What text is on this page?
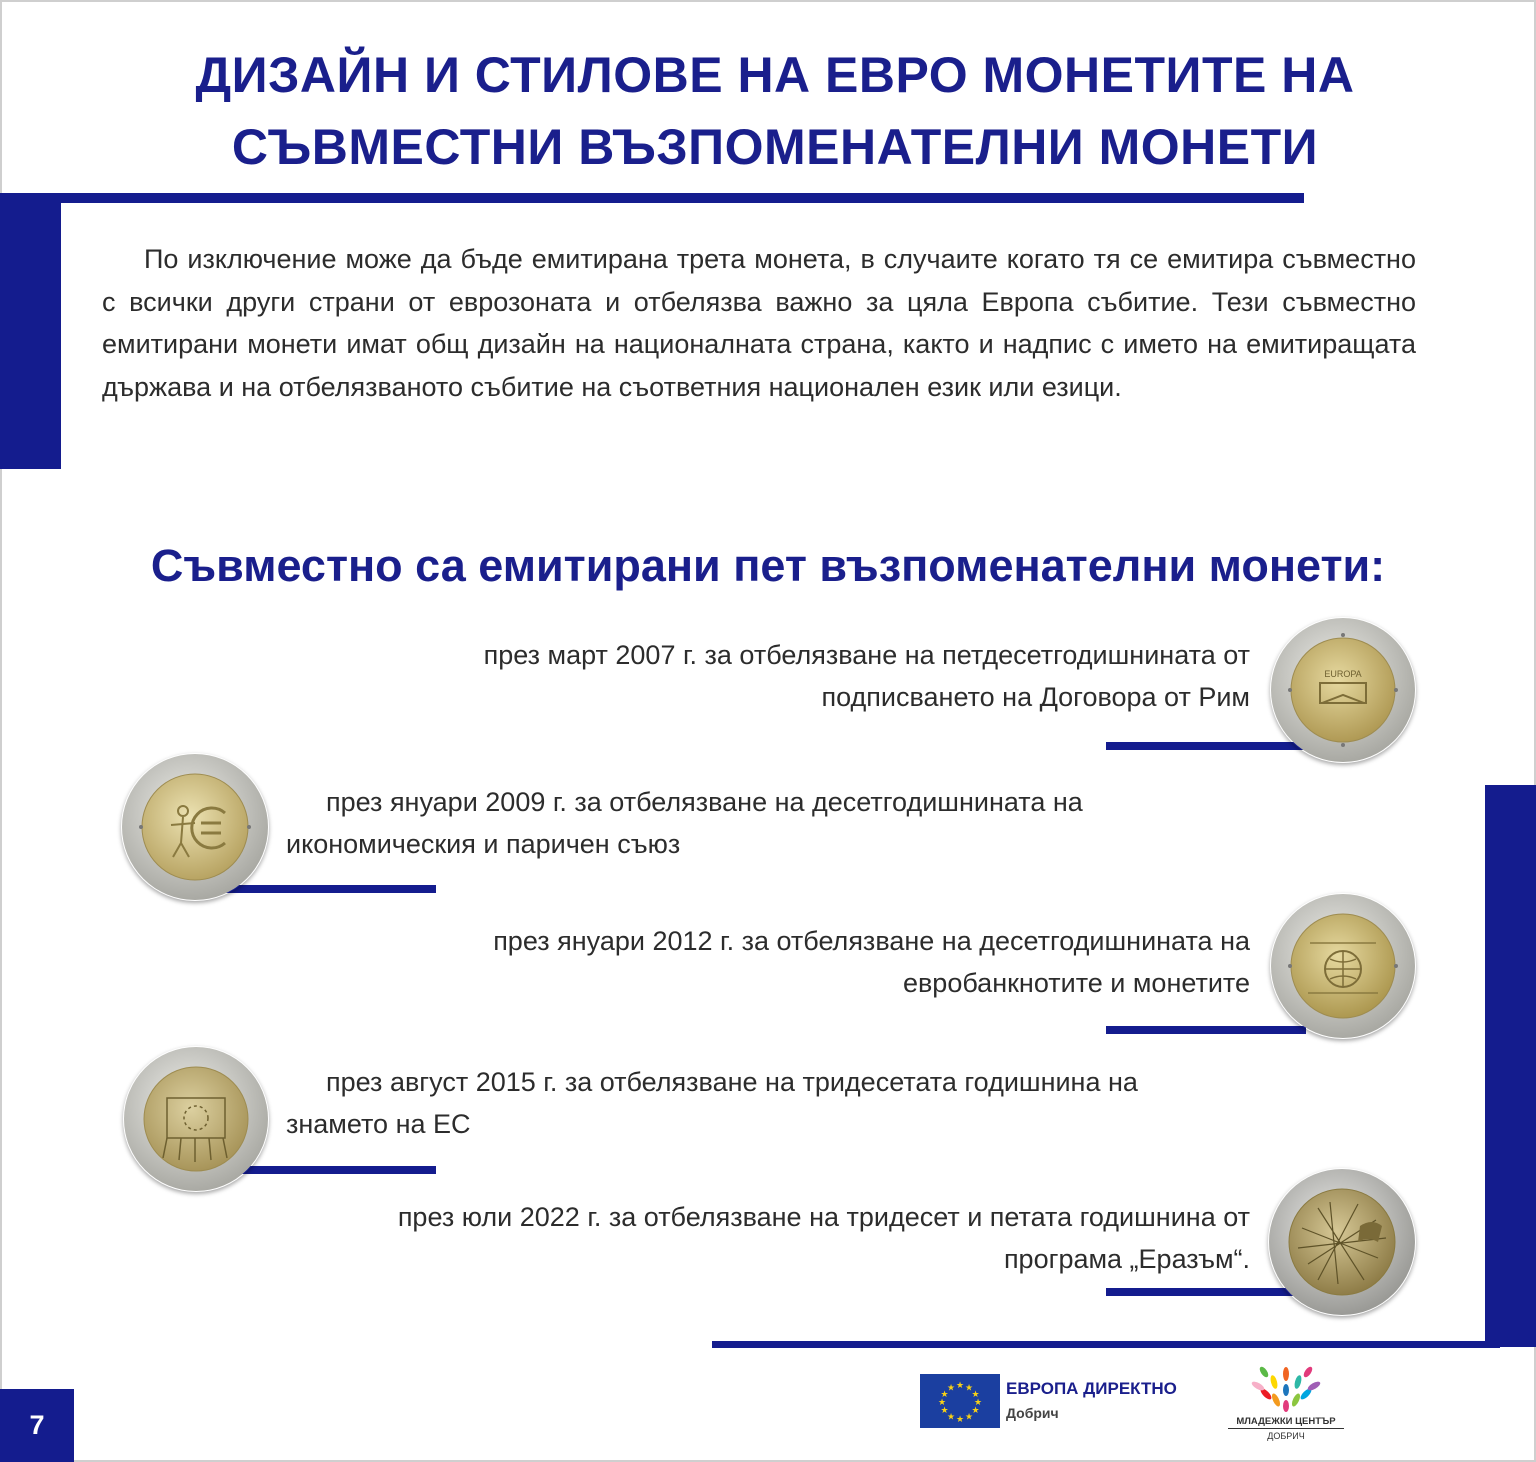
ДИЗАЙН И СТИЛОВЕ НА ЕВРО МОНЕТИТЕ НА
СЪВМЕСТНИ ВЪЗПОМЕНАТЕЛНИ МОНЕТИ

По изключение може да бъде емитирана трета монета, в случаите когато тя се емитира съвместно с всички други страни от еврозоната и отбелязва важно за цяла Европа събитие. Тези съвместно емитирани монети имат общ дизайн на националната страна, както и надпис с името на емитиращата държава и на отбелязваното събитие на съответния национален език или езици.

Съвместно са емитирани пет възпоменателни монети:
през март 2007 г. за отбелязване на петдесетгодишнината от
подписването на Договора от Рим
EUROPA
през януари 2009 г. за отбелязване на десетгодишнината на
икономическия и паричен съюз
през януари 2012 г. за отбелязване на десетгодишнината на
евробанкнотите и монетите
през август 2015 г. за отбелязване на тридесетата годишнина на
знамето на ЕС
през юли 2022 г. за отбелязване на тридесет и петата годишнина от
програма „Еразъм“.
7
★ ★
★
★
★
★
★
★
★
★
★
★	ЕВРОПА ДИРЕКТНО
Добрич
МЛАДЕЖКИ ЦЕНТЪР
ДОБРИЧ
